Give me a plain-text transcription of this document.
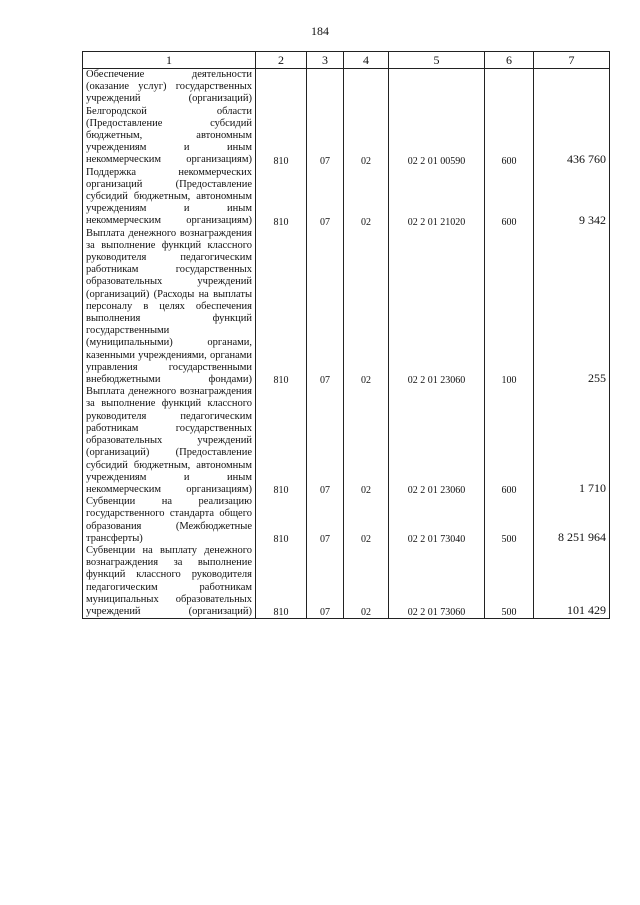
184
1	2	3	4	5	6	7
Обеспечение деятельности (оказание услуг) государственных учреждений (организаций) Белгородской области (Предоставление субсидий бюджетным, автономным учреждениям и иным некоммерческим организациям)	810	07	02	02 2 01 00590	600	436 760
Поддержка некоммерческих организаций (Предоставление субсидий бюджетным, автономным учреждениям и иным некоммерческим организациям)	810	07	02	02 2 01 21020	600	9 342
Выплата денежного вознаграждения за выполнение функций классного руководителя педагогическим работникам государственных образовательных учреждений (организаций) (Расходы на выплаты персоналу в целях обеспечения выполнения функций государственными (муниципальными) органами, казенными учреждениями, органами управления государственными внебюджетными фондами)	810	07	02	02 2 01 23060	100	255
Выплата денежного вознаграждения за выполнение функций классного руководителя педагогическим работникам государственных образовательных учреждений (организаций) (Предоставление субсидий бюджетным, автономным учреждениям и иным некоммерческим организациям)	810	07	02	02 2 01 23060	600	1 710
Субвенции на реализацию государственного стандарта общего образования (Межбюджетные трансферты)	810	07	02	02 2 01 73040	500	8 251 964
Субвенции на выплату денежного вознаграждения за выполнение функций классного руководителя педагогическим работникам муниципальных образовательных учреждений (организаций)	810	07	02	02 2 01 73060	500	101 429
